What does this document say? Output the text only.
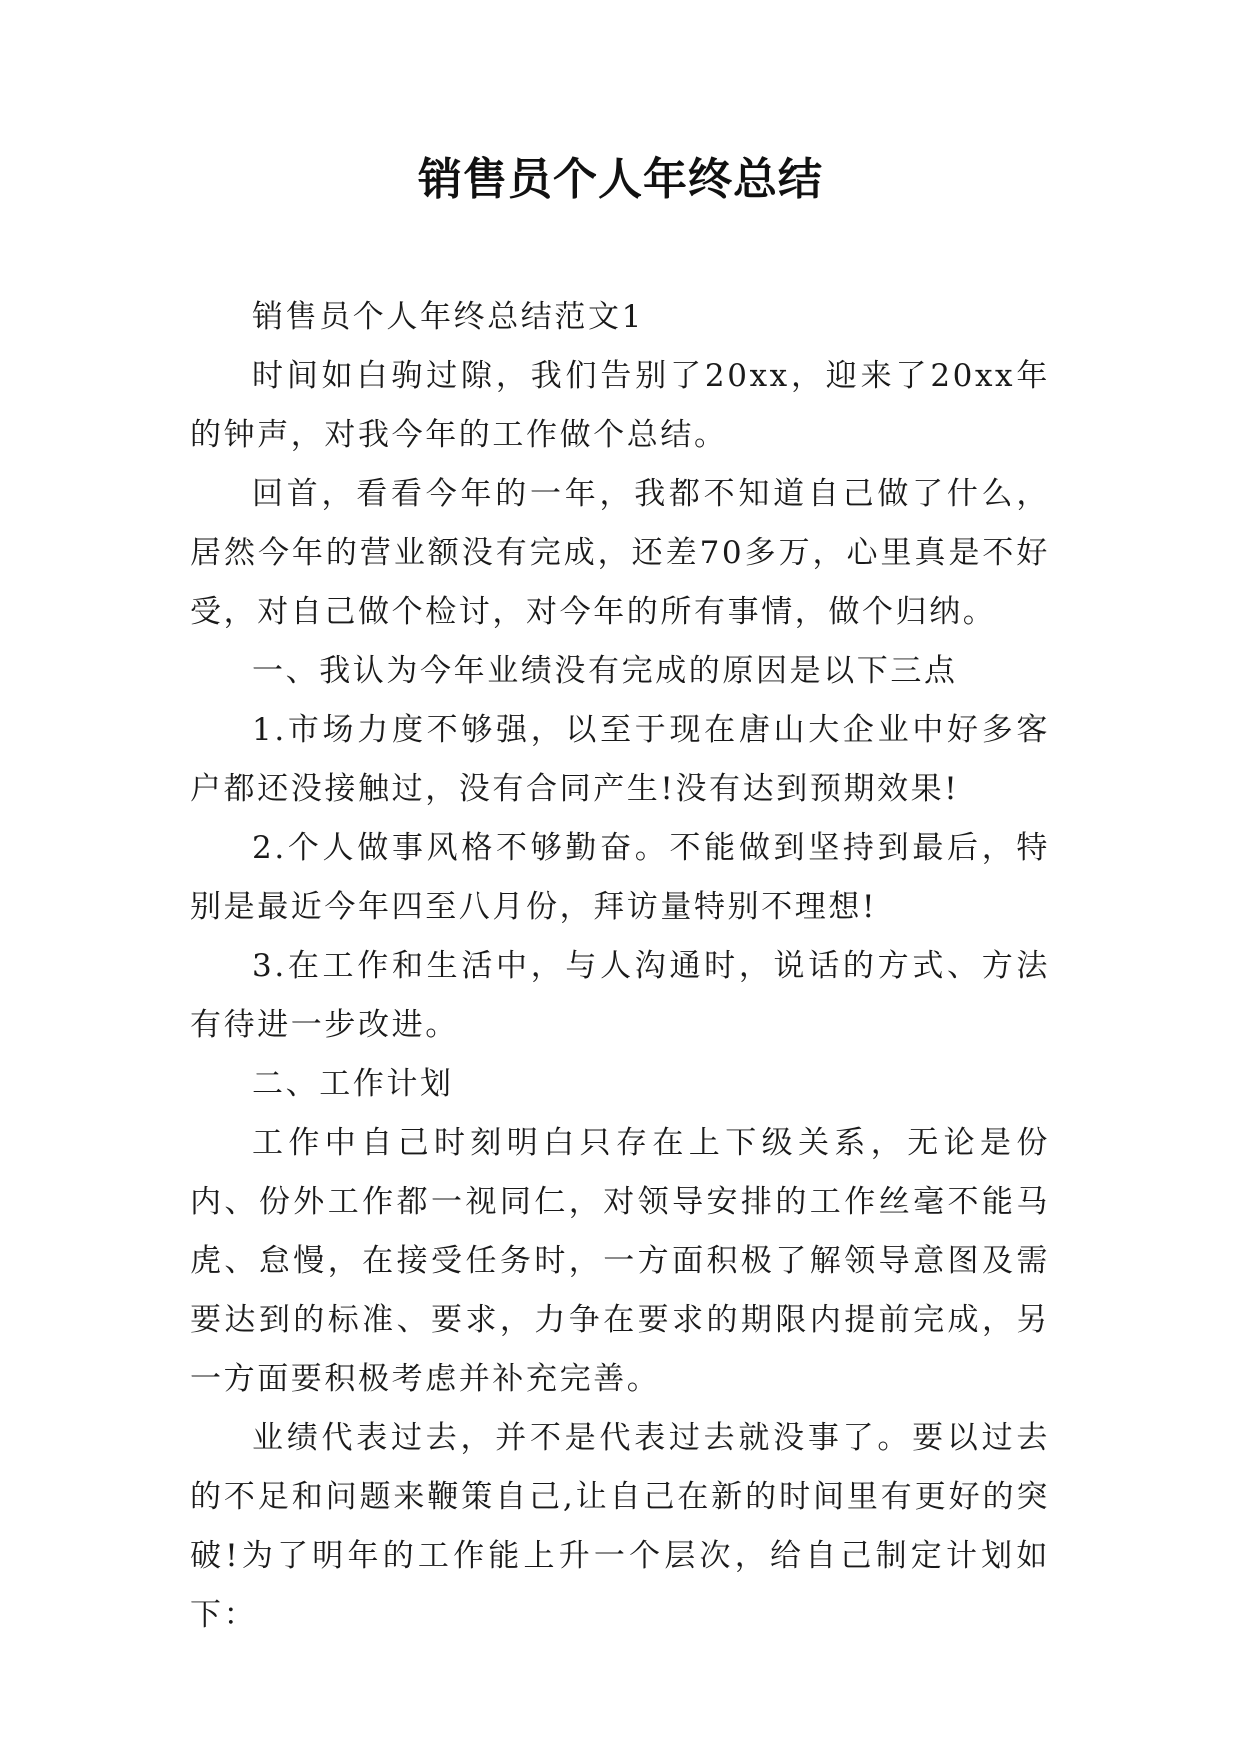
销售员个人年终总结

销售员个人年终总结范文1

时间如白驹过隙，我们告别了20xx，迎来了20xx年的钟声，对我今年的工作做个总结。

回首，看看今年的一年，我都不知道自己做了什么，居然今年的营业额没有完成，还差70多万，心里真是不好受，对自己做个检讨，对今年的所有事情，做个归纳。

一、我认为今年业绩没有完成的原因是以下三点

1.市场力度不够强，以至于现在唐山大企业中好多客户都还没接触过，没有合同产生!没有达到预期效果!

2.个人做事风格不够勤奋。不能做到坚持到最后，特别是最近今年四至八月份，拜访量特别不理想!

3.在工作和生活中，与人沟通时，说话的方式、方法有待进一步改进。

二、工作计划

工作中自己时刻明白只存在上下级关系，无论是份内、份外工作都一视同仁，对领导安排的工作丝毫不能马虎、怠慢，在接受任务时，一方面积极了解领导意图及需要达到的标准、要求，力争在要求的期限内提前完成，另一方面要积极考虑并补充完善。

业绩代表过去，并不是代表过去就没事了。要以过去的不足和问题来鞭策自己,让自己在新的时间里有更好的突破!为了明年的工作能上升一个层次，给自己制定计划如下：
